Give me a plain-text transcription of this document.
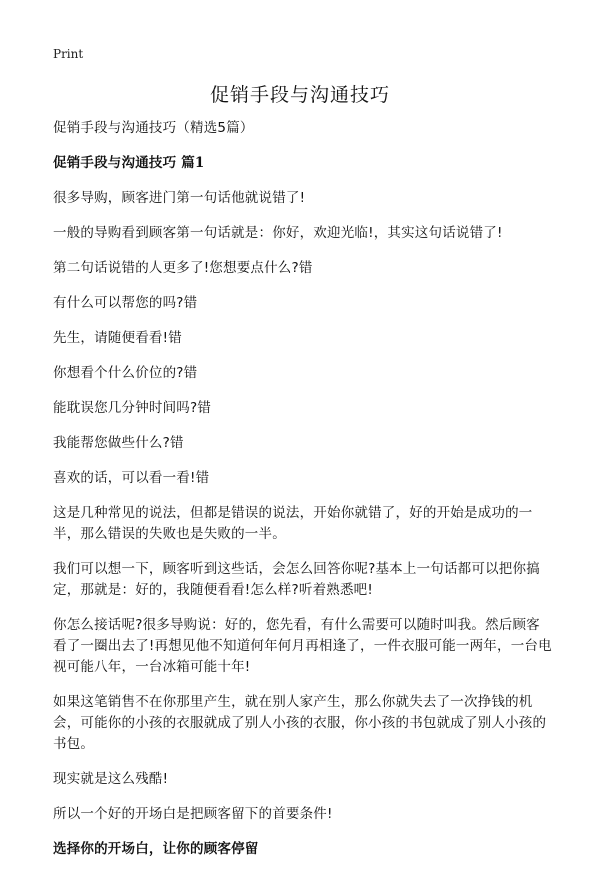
Print
促销手段与沟通技巧

促销手段与沟通技巧（精选5篇）

促销手段与沟通技巧 篇1

很多导购，顾客进门第一句话他就说错了!

一般的导购看到顾客第一句话就是：你好，欢迎光临!，其实这句话说错了!

第二句话说错的人更多了!您想要点什么?错

有什么可以帮您的吗?错

先生，请随便看看!错

你想看个什么价位的?错

能耽误您几分钟时间吗?错

我能帮您做些什么?错

喜欢的话，可以看一看!错

这是几种常见的说法，但都是错误的说法，开始你就错了，好的开始是成功的一半，那么错误的失败也是失败的一半。

我们可以想一下，顾客听到这些话，会怎么回答你呢?基本上一句话都可以把你搞定，那就是：好的，我随便看看!怎么样?听着熟悉吧!

你怎么接话呢?很多导购说：好的，您先看，有什么需要可以随时叫我。然后顾客看了一圈出去了!再想见他不知道何年何月再相逢了，一件衣服可能一两年，一台电视可能八年，一台冰箱可能十年!

如果这笔销售不在你那里产生，就在别人家产生，那么你就失去了一次挣钱的机会，可能你的小孩的衣服就成了别人小孩的衣服，你小孩的书包就成了别人小孩的书包。

现实就是这么残酷!

所以一个好的开场白是把顾客留下的首要条件!

选择你的开场白，让你的顾客停留
